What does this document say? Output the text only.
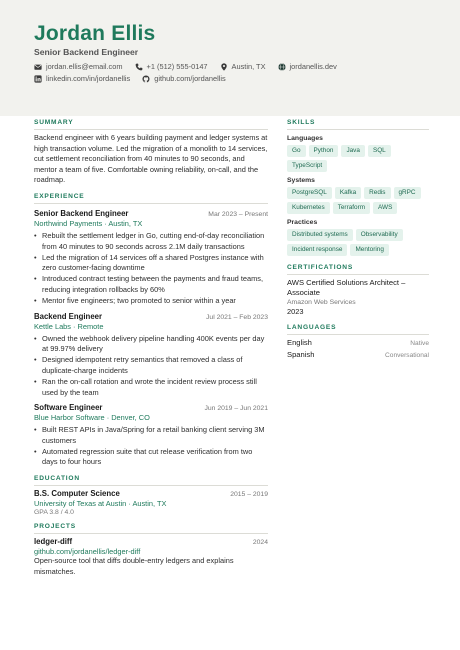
Jordan Ellis
Senior Backend Engineer
jordan.ellis@email.com	+1 (512) 555-0147	Austin, TX	jordanellis.dev
linkedin.com/in/jordanellis	github.com/jordanellis
SUMMARY

Backend engineer with 6 years building payment and ledger systems at high transaction volume. Led the migration of a monolith to 14 services, cut settlement reconciliation from 40 minutes to 90 seconds, and mentor a team of five. Comfortable owning reliability, on-call, and the roadmap.

EXPERIENCE
Senior Backend Engineer	Mar 2023 – Present
Northwind Payments · Austin, TX
• Rebuilt the settlement ledger in Go, cutting end-of-day reconciliation from 40 minutes to 90 seconds across 2.1M daily transactions
• Led the migration of 14 services off a shared Postgres instance with zero customer-facing downtime
• Introduced contract testing between the payments and fraud teams, reducing integration rollbacks by 60%
• Mentor five engineers; two promoted to senior within a year
Backend Engineer	Jul 2021 – Feb 2023
Kettle Labs · Remote
• Owned the webhook delivery pipeline handling 400K events per day at 99.97% delivery
• Designed idempotent retry semantics that removed a class of duplicate-charge incidents
• Ran the on-call rotation and wrote the incident review process still used by the team
Software Engineer	Jun 2019 – Jun 2021
Blue Harbor Software · Denver, CO
• Built REST APIs in Java/Spring for a retail banking client serving 3M customers
• Automated regression suite that cut release verification from two days to four hours
EDUCATION
B.S. Computer Science	2015 – 2019
University of Texas at Austin · Austin, TX
GPA 3.8 / 4.0
PROJECTS
ledger-diff	2024
github.com/jordanellis/ledger-diff

Open-source tool that diffs double-entry ledgers and explains mismatches.

SKILLS
Languages
Go	Python	Java	SQL
TypeScript
Systems
PostgreSQL	Kafka	Redis	gRPC
Kubernetes	Terraform	AWS
Practices
Distributed systems	Observability
Incident response	Mentoring
CERTIFICATIONS
AWS Certified Solutions Architect – Associate
Amazon Web Services
2023
LANGUAGES
English	Native
Spanish	Conversational
